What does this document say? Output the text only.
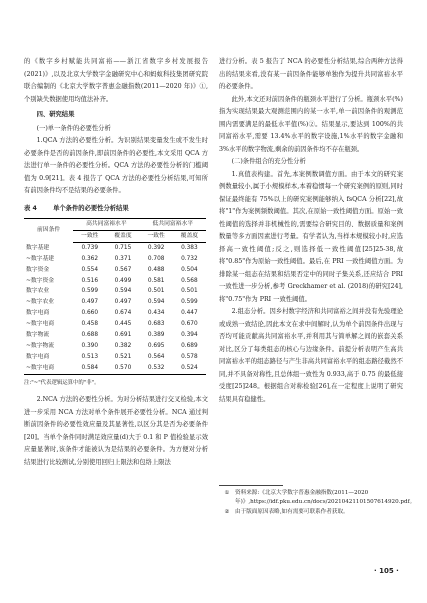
的《数字乡村赋能共同富裕——浙江省数字乡村发展报告(2021)》,以及北京大学数字金融研究中心和蚂蚁科技集团研究院联合编制的《北京大学数字普惠金融指数(2011—2020 年)》①,个别缺失数据使用均值法补齐。

四、研究结果
(一)单一条件的必要性分析

1.QCA 方法的必要性分析。为识别结果变量发生或不发生时必要条件是否的前因条件,即前因条件的必要性,本文采用 QCA 方法进行单一条件的必要性分析。QCA 方法的必要性分析的门槛阈值为 0.9[21]。表 4 报告了 QCA 方法的必要性分析结果,可知所有前因条件均不是结果的必要条件。

表 4	单个条件的必要性分析结果
前因条件	高共同富裕水平		低共同富裕水平	
	一致性	覆盖度	一致性	覆盖度
数字基建	0.739	0.715	0.392	0.383
~数字基建	0.362	0.371	0.708	0.732
数字资金	0.554	0.567	0.488	0.504
~数字资金	0.516	0.499	0.581	0.568
数字农业	0.599	0.594	0.501	0.501
~数字农业	0.497	0.497	0.594	0.599
数字电商	0.660	0.674	0.434	0.447
~数字电商	0.458	0.445	0.683	0.670
数字物流	0.688	0.691	0.389	0.394
~数字物流	0.390	0.382	0.695	0.689
数字电商	0.513	0.521	0.564	0.578
~数字电商	0.584	0.570	0.532	0.524
注:"~"代表逻辑运算中的"非"。

2.NCA 方法的必要性分析。为对分析结果进行交叉检验,本文进一步采用 NCA 方法对单个条件展开必要性分析。NCA 通过判断前因条件的必要性效应量及其显著性,以区分其是否为必要条件[20]。当单个条件同时满足效应量(d)大于 0.1 和 P 值检验显示效应量显著时,该条件才能被认为是结果的必要条件。为方便对分析结果进行比较测试,分别使用回归上限法和包络上限法

进行分析。表 5 报告了 NCA 的必要性分析结果,综合两种方法得出的结果来看,没有某一前因条件能够单独作为提升共同富裕水平的必要条件。

此外,本文还对前因条件的瓶颈水平进行了分析。瓶颈水平(%)指为实现结果最大观测范围内的某一水平,单一前因条件的观测范围内需要满足的最低水平值(%)②。结果显示,要达到 100%的共同富裕水平,需要 13.4%水平的数字设施,1%水平的数字金融和 3%水平的数字物流,剩余的前因条件均不存在瓶颈。

(二)条件组合的充分性分析

1.真值表构建。首先,本案例数调值方面。由于本文的研究案例数量较小,属于小规模样本,本着稳惯每一个研究案例的原则,同时保证最终能有 75%以上的研究案例能够纳入 fsQCA 分析[22],故将"1"作为案例频数阈值。其次,在原始一致性阈值方面。原始一致性阈值的选择并非机械性的,需要综合研究目的、数据质量和案例数量等多方面因素进行考量。有学者认为,当样本规模较小时,应选择高一致性阈值;反之,则选择低一致性阈值[25]25-38,故将"0.85"作为原始一致性阈值。最后,在 PRI 一致性阈值方面。为排除某一组态在结果和结果否定中的同时子集关系,还应结合 PRI 一致性进一步分析,参考 Greckhamer et al. (2018)的研究[24],将"0.75"作为 PRI 一致性阈值。

2.组态分析。因乡村数字经济和共同富裕之间并没有先验理论或成熟一致结论,因此本文在求中间解时,认为单个前因条件出现与否均可能贡献高共同富裕水平,并利用其与简单解之间的嵌套关系对比,区分了每类组态的核心与边缘条件。前提分析表明产生高共同富裕水平的组态路径与产生非高共同富裕水平的组态路径截然不同,并不具备对称性,且总体组一致性为 0.933,高于 0.75 的最低接受度[25]248。根据组合对称检验[26],在一定程度上说明了研究结果具有稳健性。

① 资料来源:《北京大学数字普惠金融指数(2011—2020 年)》,https://idf.pku.edu.cn/docs/20210421101507614920.pdf。
② 由于版面原因表略,如有需要可联系作者获取。
· 105 ·
